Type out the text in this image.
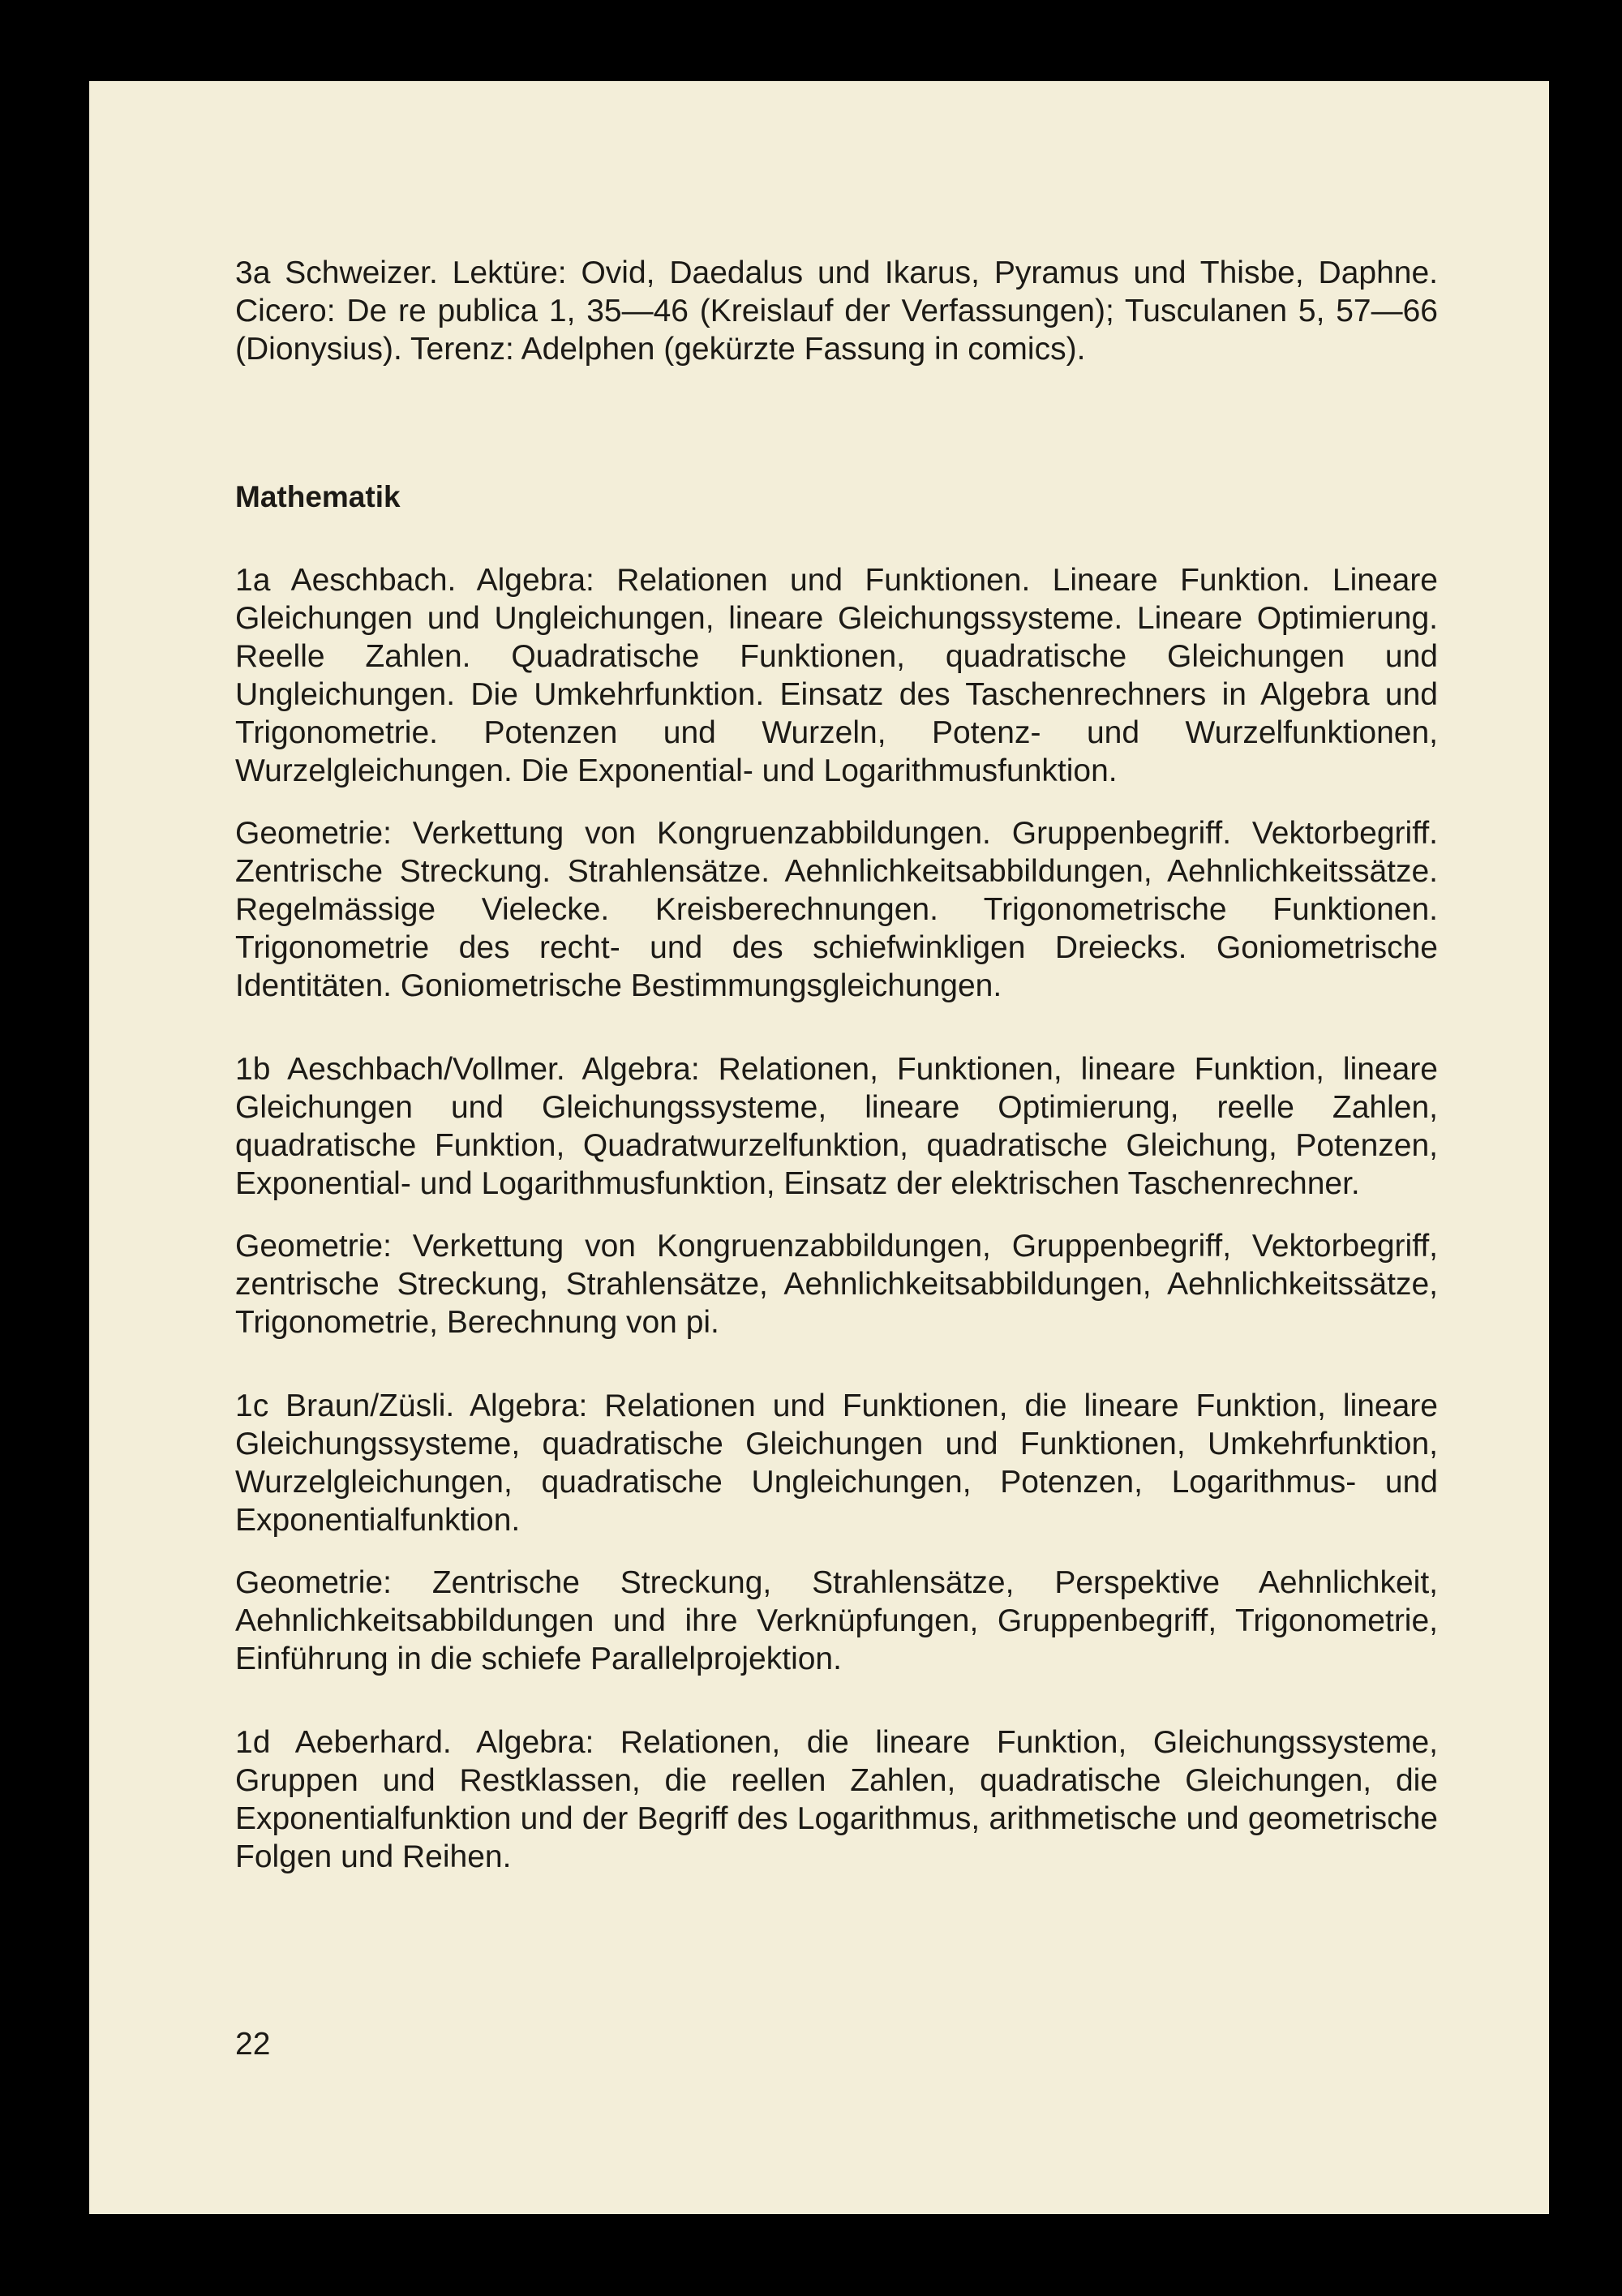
3a Schweizer. Lektüre: Ovid, Daedalus und Ikarus, Pyramus und Thisbe, Daphne. Cicero: De re publica 1, 35—46 (Kreislauf der Verfassungen); Tusculanen 5, 57—66 (Dionysius). Terenz: Adelphen (gekürzte Fassung in comics).

Mathematik

1a Aeschbach. Algebra: Relationen und Funktionen. Lineare Funktion. Lineare Gleichungen und Ungleichungen, lineare Gleichungssysteme. Lineare Optimierung. Reelle Zahlen. Quadratische Funktionen, quadratische Gleichungen und Ungleichungen. Die Umkehrfunktion. Einsatz des Taschenrechners in Algebra und Trigonometrie. Potenzen und Wurzeln, Potenz- und Wurzelfunktionen, Wurzelgleichungen. Die Exponential- und Logarithmusfunktion.

Geometrie: Verkettung von Kongruenzabbildungen. Gruppenbegriff. Vektorbegriff. Zentrische Streckung. Strahlensätze. Aehnlichkeitsabbildungen, Aehnlichkeitssätze. Regelmässige Vielecke. Kreisberechnungen. Trigonometrische Funktionen. Trigonometrie des recht- und des schiefwinkligen Dreiecks. Goniometrische Identitäten. Goniometrische Bestimmungsgleichungen.

1b Aeschbach/Vollmer. Algebra: Relationen, Funktionen, lineare Funktion, lineare Gleichungen und Gleichungssysteme, lineare Optimierung, reelle Zahlen, quadratische Funktion, Quadratwurzelfunktion, quadratische Gleichung, Potenzen, Exponential- und Logarithmusfunktion, Einsatz der elektrischen Taschenrechner.

Geometrie: Verkettung von Kongruenzabbildungen, Gruppenbegriff, Vektorbegriff, zentrische Streckung, Strahlensätze, Aehnlichkeitsabbildungen, Aehnlichkeitssätze, Trigonometrie, Berechnung von pi.

1c Braun/Züsli. Algebra: Relationen und Funktionen, die lineare Funktion, lineare Gleichungssysteme, quadratische Gleichungen und Funktionen, Umkehrfunktion, Wurzelgleichungen, quadratische Ungleichungen, Potenzen, Logarithmus- und Exponentialfunktion.

Geometrie: Zentrische Streckung, Strahlensätze, Perspektive Aehnlichkeit, Aehnlichkeitsabbildungen und ihre Verknüpfungen, Gruppenbegriff, Trigonometrie, Einführung in die schiefe Parallelprojektion.

1d Aeberhard. Algebra: Relationen, die lineare Funktion, Gleichungssysteme, Gruppen und Restklassen, die reellen Zahlen, quadratische Gleichungen, die Exponentialfunktion und der Begriff des Logarithmus, arithmetische und geometrische Folgen und Reihen.

22
